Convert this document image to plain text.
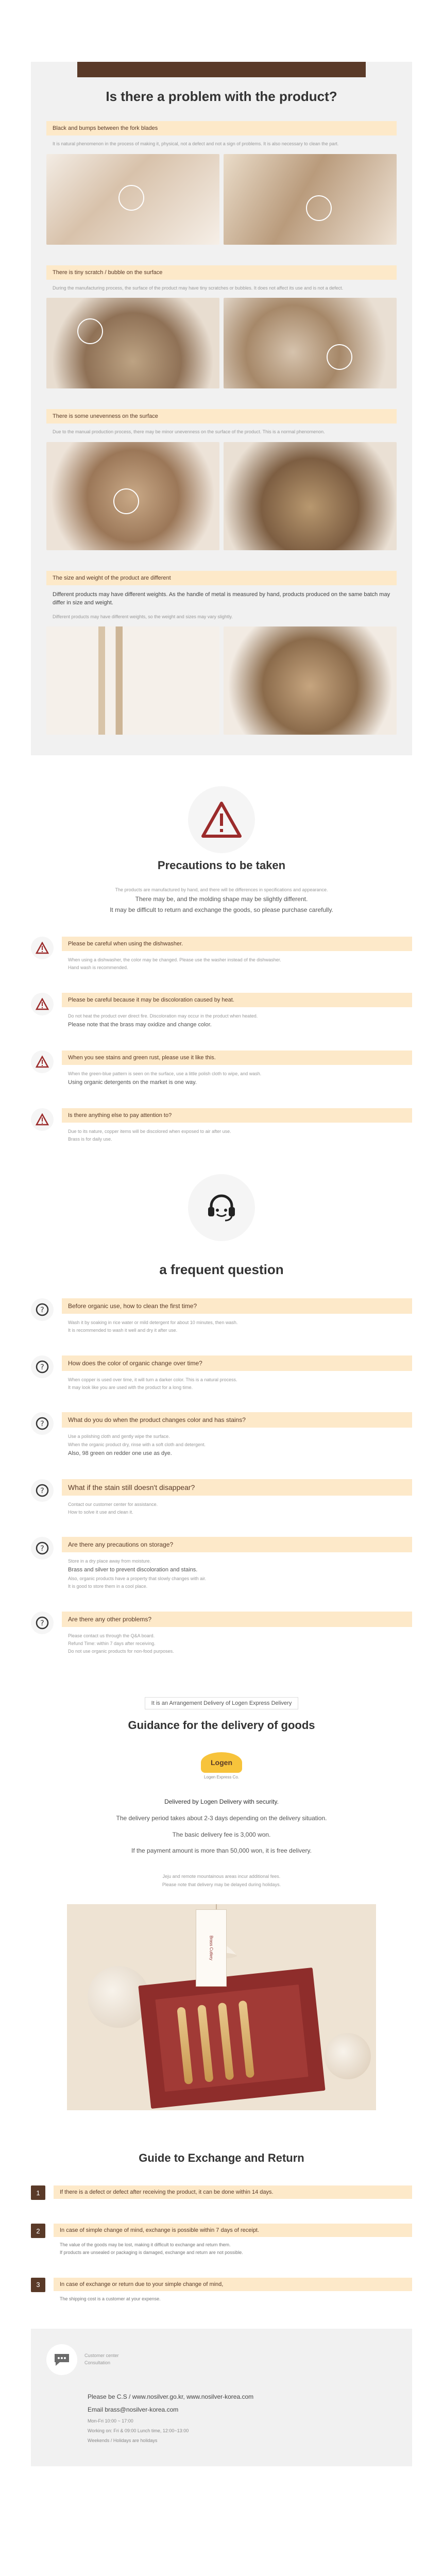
Is there a problem with the product?
Black and bumps between the fork blades

It is natural phenomenon in the process of making it, physical, not a defect and not a sign of problems. It is also necessary to clean the part.

There is tiny scratch / bubble on the surface

During the manufacturing process, the surface of the product may have tiny scratches or bubbles. It does not affect its use and is not a defect.

There is some unevenness on the surface

Due to the manual production process, there may be minor unevenness on the surface of the product. This is a normal phenomenon.

The size and weight of the product are different

Different products may have different weights. As the handle of metal is measured by hand, products produced on the same batch may differ in size and weight.

Different products may have different weights, so the weight and sizes may vary slightly.

Precautions to be taken

The products are manufactured by hand, and there will be differences in specifications and appearance.

There may be, and the molding shape may be slightly different.

It may be difficult to return and exchange the goods, so please purchase carefully.

Please be careful when using the dishwasher.

When using a dishwasher, the color may be changed. Please use the washer instead of the dishwasher.

Hand wash is recommended.

Please be careful because it may be discoloration caused by heat.

Do not heat the product over direct fire. Discoloration may occur in the product when heated.

Please note that the brass may oxidize and change color.

When you see stains and green rust, please use it like this.

When the green-blue pattern is seen on the surface, use a little polish cloth to wipe, and wash.

Using organic detergents on the market is one way.

Is there anything else to pay attention to?

Due to its nature, copper items will be discolored when exposed to air after use.

Brass is for daily use.

a frequent question
?	Before organic use, how to clean the first time?

Wash it by soaking in rice water or mild detergent for about 10 minutes, then wash.

It is recommended to wash it well and dry it after use.

?	How does the color of organic change over time?

When copper is used over time, it will turn a darker color. This is a natural process.

It may look like you are used with the product for a long time.

?	What do you do when the product changes color and has stains?

Use a polishing cloth and gently wipe the surface.

When the organic product dry, rinse with a soft cloth and detergent.

Also, 98 green on redder one use as dye.

?	What if the stain still doesn't disappear?

Contact our customer center for assistance.

How to solve it use and clean it.

?	Are there any precautions on storage?

Store in a dry place away from moisture.

Brass and silver to prevent discoloration and stains.

Also, organic products have a property that slowly changes with air.

It is good to store them in a cool place.

?	Are there any other problems?

Please contact us through the Q&A board.

Refund Time: within 7 days after receiving.

Do not use organic products for non-food purposes.

It is an Arrangement Delivery of Logen Express Delivery
Guidance for the delivery of goods
Logen
Logen Express Co.

Delivered by Logen Delivery with security.

The delivery period takes about 2-3 days depending on the delivery situation.

The basic delivery fee is 3,000 won.

If the payment amount is more than 50,000 won, it is free delivery.

Jeju and remote mountainous areas incur additional fees.

Please note that delivery may be delayed during holidays.

Brass Cutlery
Guide to Exchange and Return
1	If there is a defect or defect after receiving the product, it can be done within 14 days.
2	In case of simple change of mind, exchange is possible within 7 days of receipt.

The value of the goods may be lost, making it difficult to exchange and return them.

If products are unsealed or packaging is damaged, exchange and return are not possible.

3	In case of exchange or return due to your simple change of mind,

The shipping cost is a customer at your expense.

Customer center

Consultation

Please be C.S / www.nosilver.go.kr, www.nosilver-korea.com

Email brass@nosilver-korea.com

Mon-Fri 10:00 ~ 17:00

Working on: Fri & 09:00 Lunch time, 12:00~13:00

Weekends / Holidays are holidays
